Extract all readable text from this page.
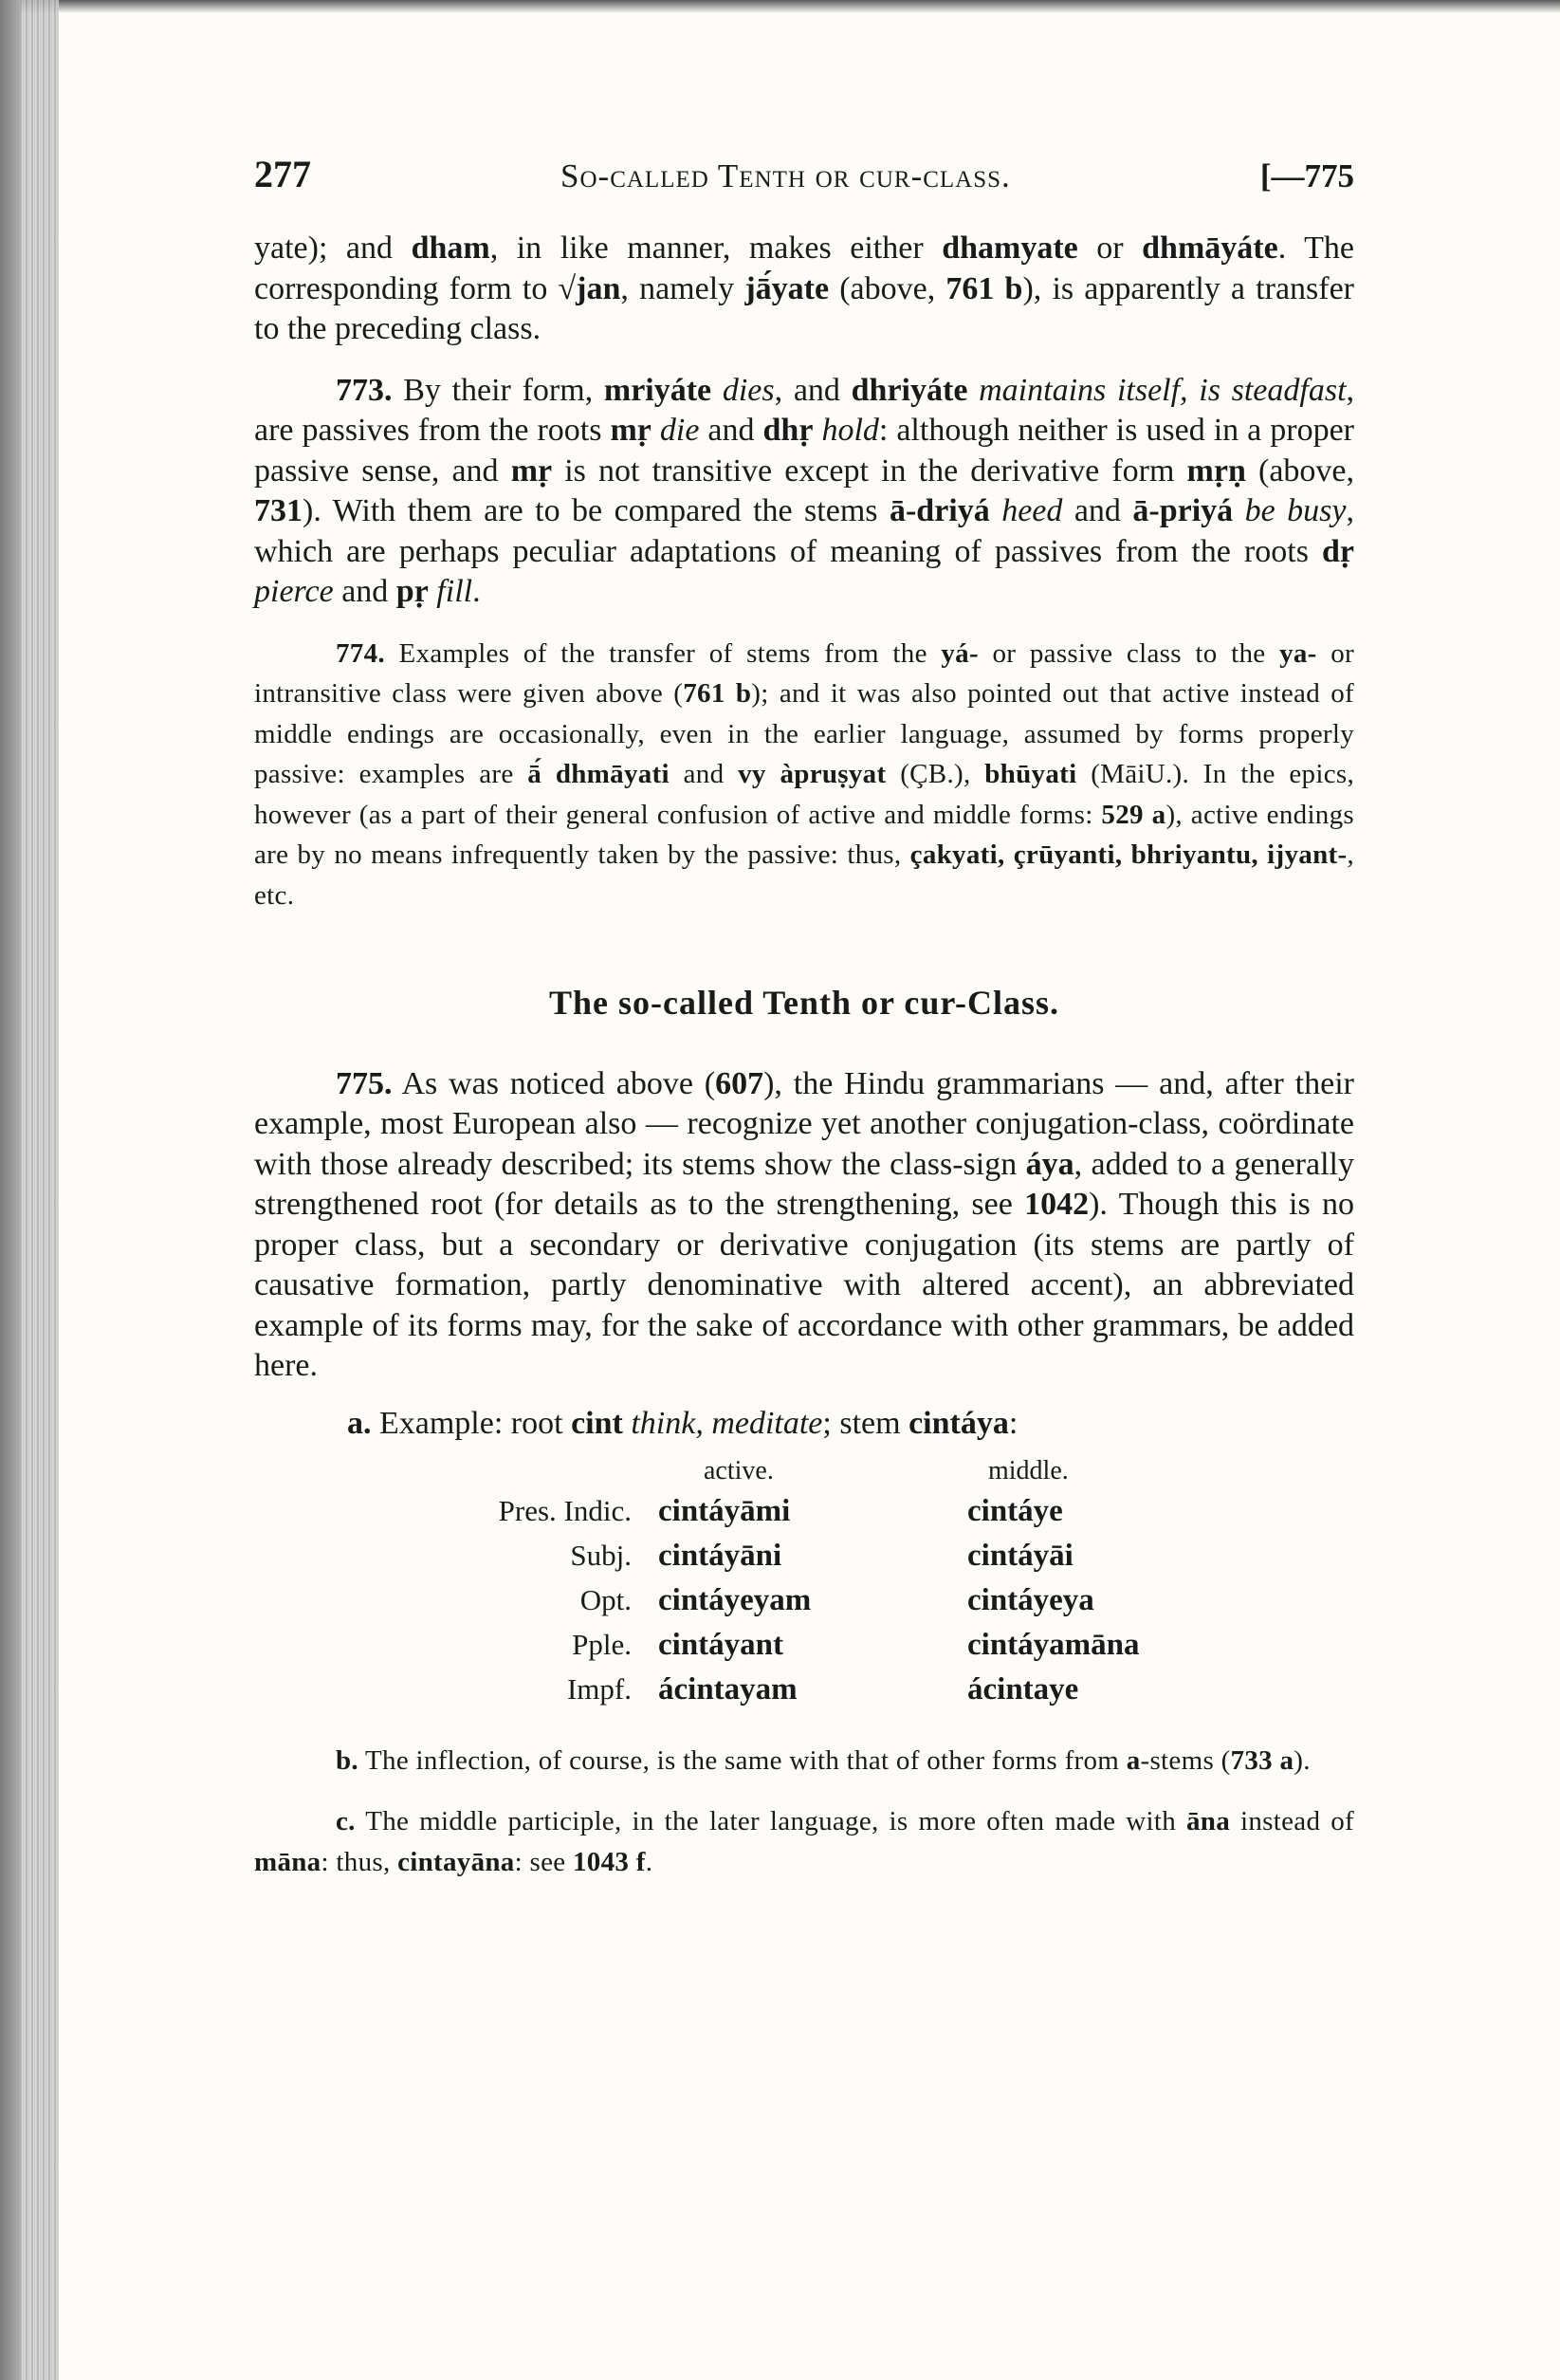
277	So-called Tenth or cur-class.	[—775

yate); and dham, in like manner, makes either dhamyate or dhmāyáte. The corresponding form to √jan, namely jā́yate (above, 761 b), is apparently a transfer to the preceding class.

773. By their form, mriyáte dies, and dhriyáte maintains itself, is steadfast, are passives from the roots mṛ die and dhṛ hold: although neither is used in a proper passive sense, and mṛ is not transitive except in the derivative form mṛṇ (above, 731). With them are to be compared the stems ā-driyá heed and ā-priyá be busy, which are perhaps peculiar adaptations of meaning of passives from the roots dṛ pierce and pṛ fill.

774. Examples of the transfer of stems from the yá- or passive class to the ya- or intransitive class were given above (761 b); and it was also pointed out that active instead of middle endings are occasionally, even in the earlier language, assumed by forms properly passive: examples are ā́ dhmāyati and vy àpruṣyat (ÇB.), bhūyati (MāiU.). In the epics, however (as a part of their general confusion of active and middle forms: 529 a), active endings are by no means infrequently taken by the passive: thus, çakyati, çrūyanti, bhriyantu, ijyant-, etc.

The so-called Tenth or cur-Class.

775. As was noticed above (607), the Hindu grammarians — and, after their example, most European also — recognize yet another conjugation-class, coördinate with those already described; its stems show the class-sign áya, added to a generally strengthened root (for details as to the strengthening, see 1042). Though this is no proper class, but a secondary or derivative conjugation (its stems are partly of causative formation, partly denominative with altered accent), an abbreviated example of its forms may, for the sake of accordance with other grammars, be added here.

a. Example: root cint think, meditate; stem cintáya:

	active.	middle.
Pres. Indic.	cintáyāmi	cintáye
Subj.	cintáyāni	cintáyāi
Opt.	cintáyeyam	cintáyeya
Pple.	cintáyant	cintáyamāna
Impf.	ácintayam	ácintaye

b. The inflection, of course, is the same with that of other forms from a-stems (733 a).

c. The middle participle, in the later language, is more often made with āna instead of māna: thus, cintayāna: see 1043 f.
